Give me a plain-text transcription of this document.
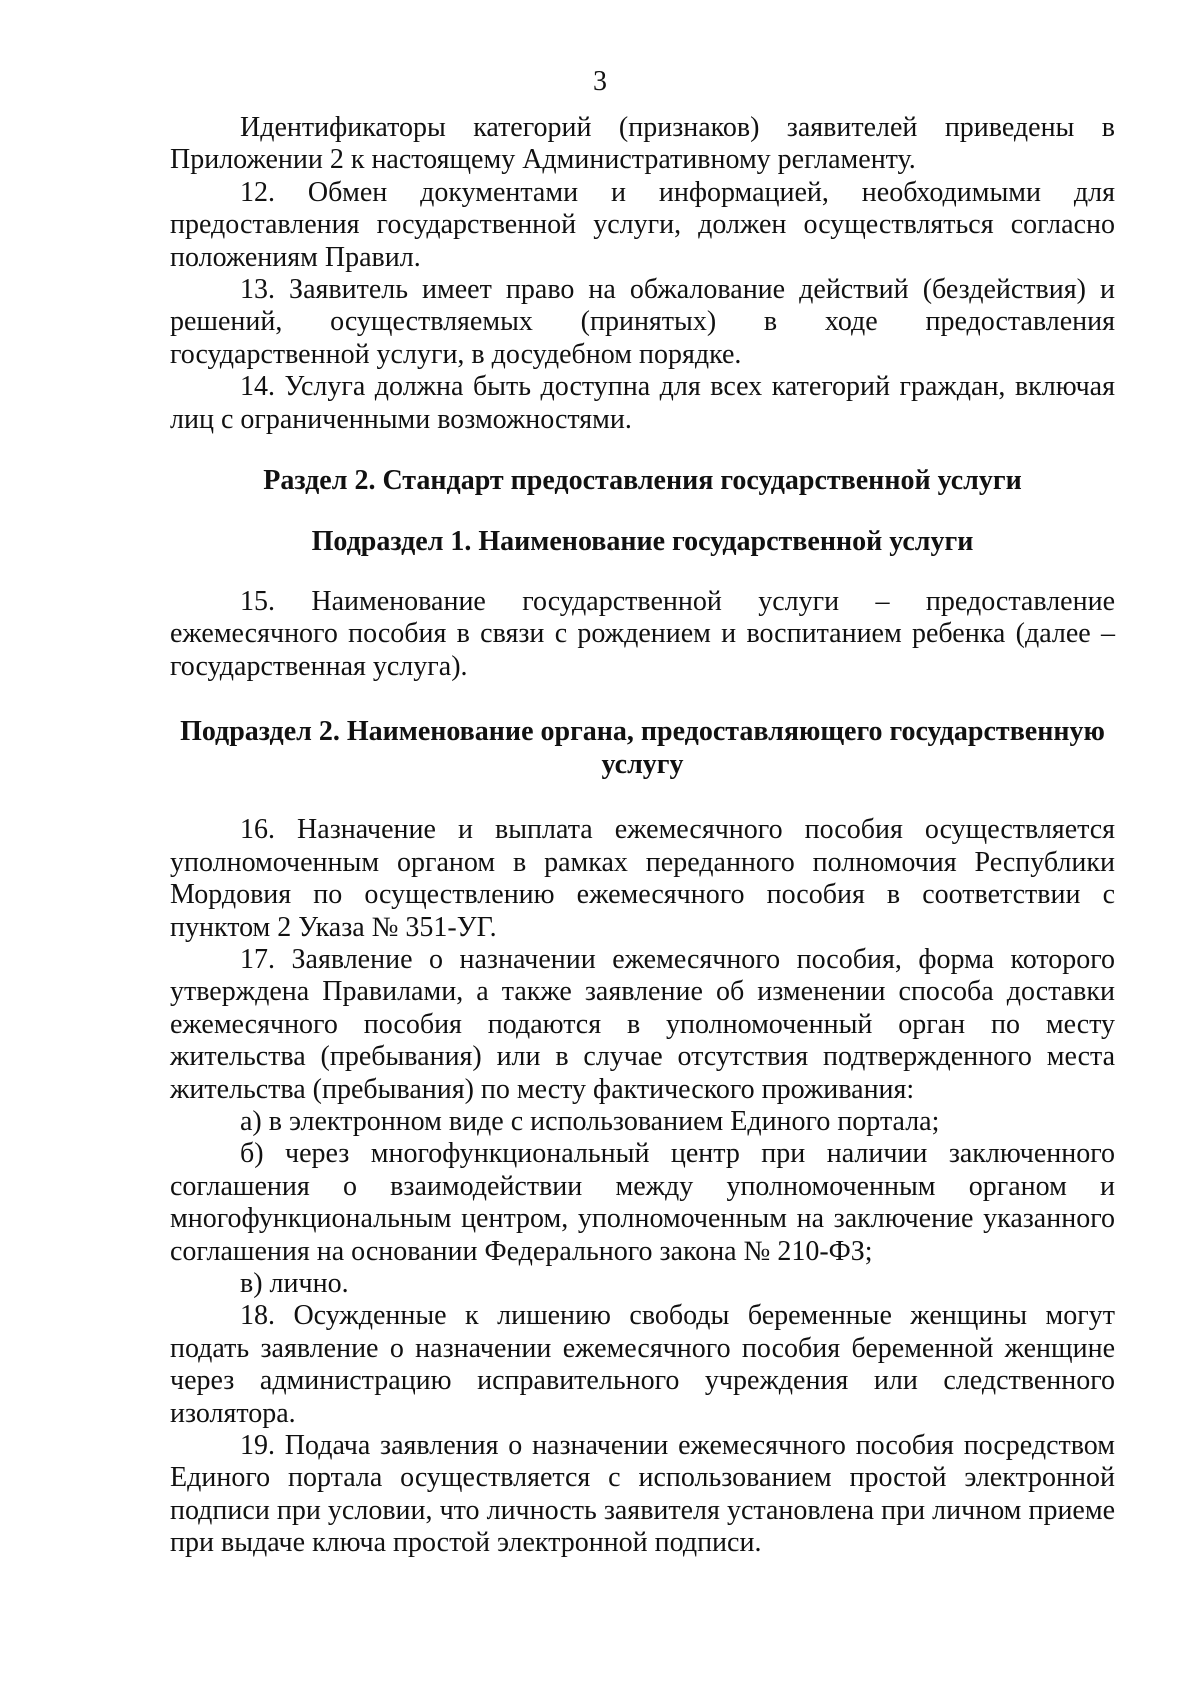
3

Идентификаторы категорий (признаков) заявителей приведены в Приложении 2 к настоящему Административному регламенту.

12. Обмен документами и информацией, необходимыми для предоставления государственной услуги, должен осуществляться согласно положениям Правил.

13. Заявитель имеет право на обжалование действий (бездействия) и решений, осуществляемых (принятых) в ходе предоставления государственной услуги, в досудебном порядке.

14. Услуга должна быть доступна для всех категорий граждан, включая лиц с ограниченными возможностями.

Раздел 2. Стандарт предоставления государственной услуги
Подраздел 1. Наименование государственной услуги

15. Наименование государственной услуги – предоставление ежемесячного пособия в связи с рождением и воспитанием ребенка (далее – государственная услуга).

Подраздел 2. Наименование органа, предоставляющего государственную услугу

16. Назначение и выплата ежемесячного пособия осуществляется уполномоченным органом в рамках переданного полномочия Республики Мордовия по осуществлению ежемесячного пособия в соответствии с пунктом 2 Указа № 351-УГ.

17. Заявление о назначении ежемесячного пособия, форма которого утверждена Правилами, а также заявление об изменении способа доставки ежемесячного пособия подаются в уполномоченный орган по месту жительства (пребывания) или в случае отсутствия подтвержденного места жительства (пребывания) по месту фактического проживания:

а) в электронном виде с использованием Единого портала;

б) через многофункциональный центр при наличии заключенного соглашения о взаимодействии между уполномоченным органом и многофункциональным центром, уполномоченным на заключение указанного соглашения на основании Федерального закона № 210-ФЗ;

в) лично.

18. Осужденные к лишению свободы беременные женщины могут подать заявление о назначении ежемесячного пособия беременной женщине через администрацию исправительного учреждения или следственного изолятора.

19. Подача заявления о назначении ежемесячного пособия посредством Единого портала осуществляется с использованием простой электронной подписи при условии, что личность заявителя установлена при личном приеме при выдаче ключа простой электронной подписи.
